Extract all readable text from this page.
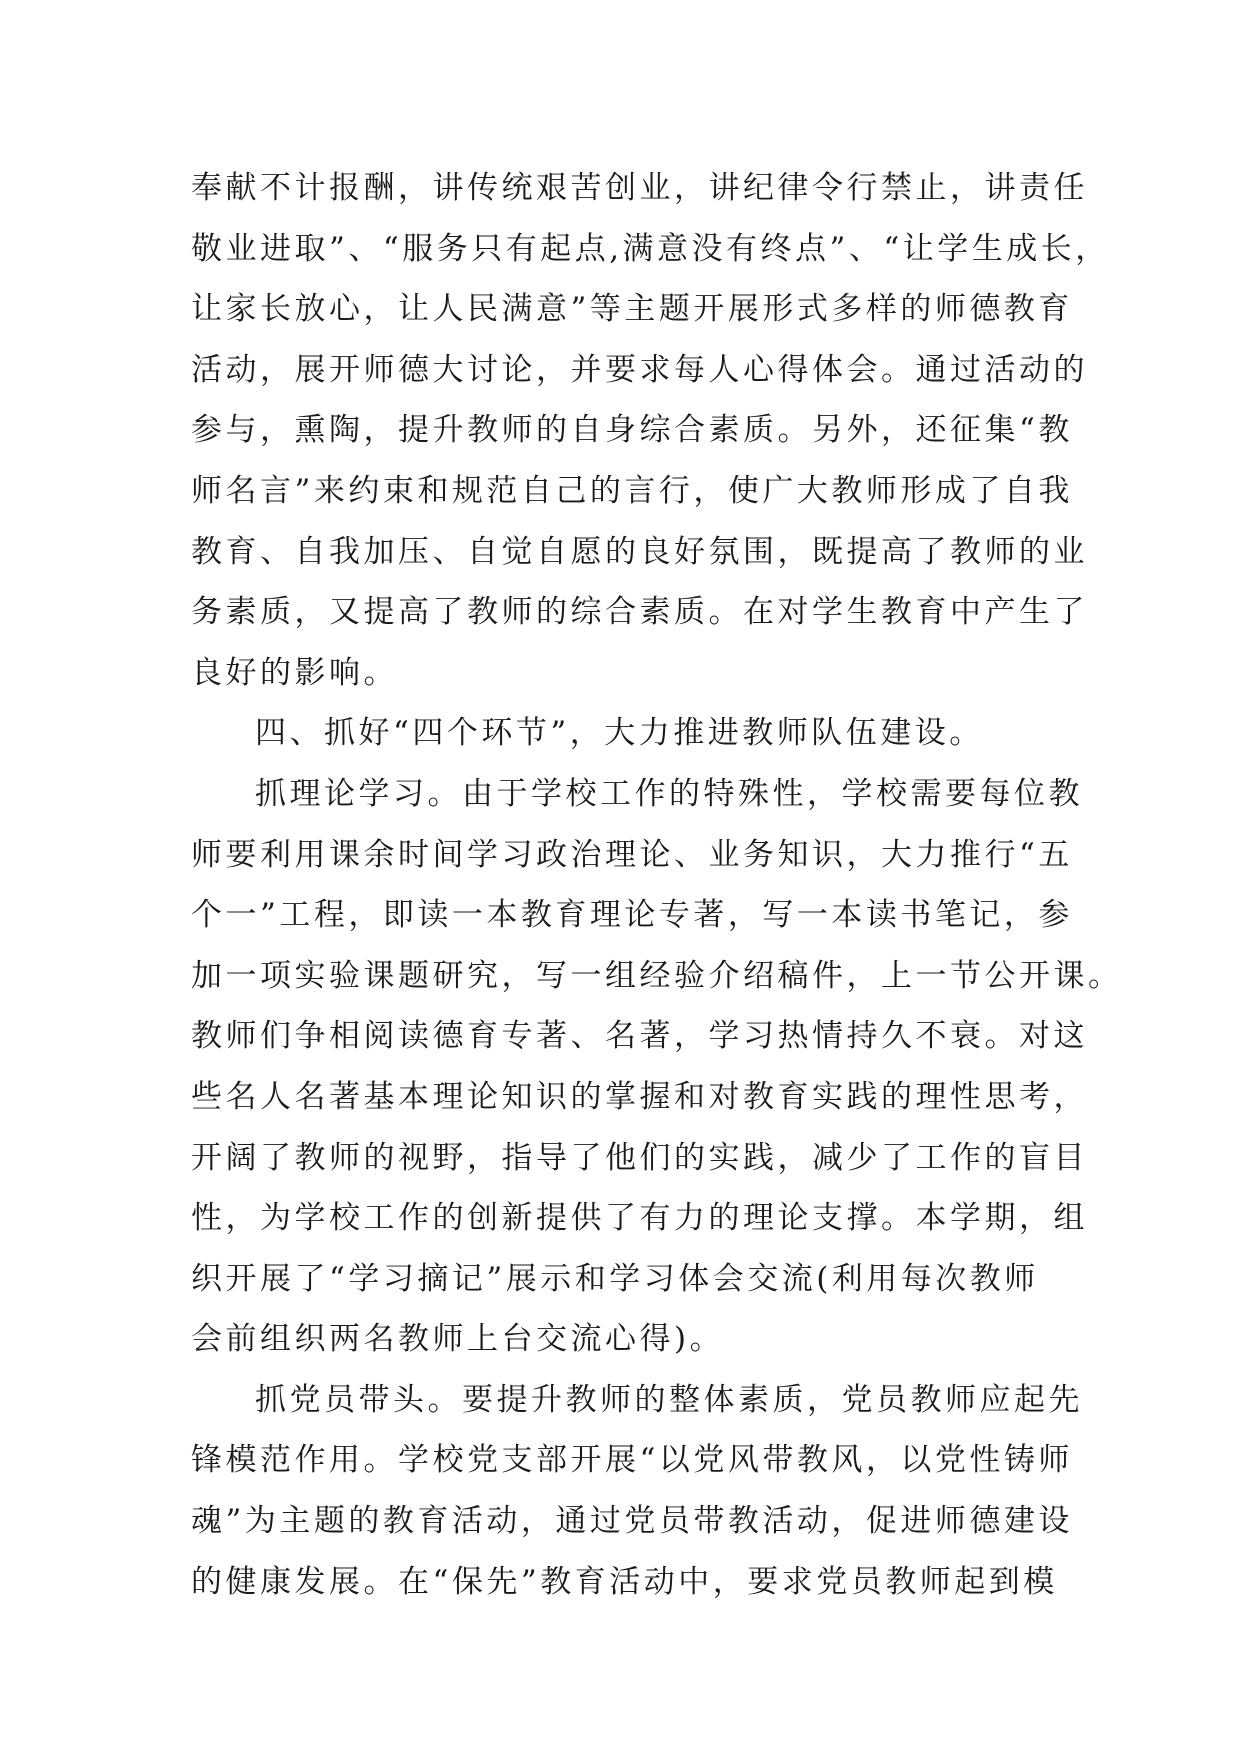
奉献不计报酬，讲传统艰苦创业，讲纪律令行禁止，讲责任
敬业进取”、“服务只有起点,满意没有终点”、“让学生成长，
让家长放心，让人民满意”等主题开展形式多样的师德教育
活动，展开师德大讨论，并要求每人心得体会。通过活动的
参与，熏陶，提升教师的自身综合素质。另外，还征集“教
师名言”来约束和规范自己的言行，使广大教师形成了自我
教育、自我加压、自觉自愿的良好氛围，既提高了教师的业
务素质，又提高了教师的综合素质。在对学生教育中产生了
良好的影响。
四、抓好“四个环节”，大力推进教师队伍建设。
抓理论学习。由于学校工作的特殊性，学校需要每位教
师要利用课余时间学习政治理论、业务知识，大力推行“五
个一”工程，即读一本教育理论专著，写一本读书笔记，参
加一项实验课题研究，写一组经验介绍稿件，上一节公开课。
教师们争相阅读德育专著、名著，学习热情持久不衰。对这
些名人名著基本理论知识的掌握和对教育实践的理性思考，
开阔了教师的视野，指导了他们的实践，减少了工作的盲目
性，为学校工作的创新提供了有力的理论支撑。本学期，组
织开展了“学习摘记”展示和学习体会交流(利用每次教师
会前组织两名教师上台交流心得)。
抓党员带头。要提升教师的整体素质，党员教师应起先
锋模范作用。学校党支部开展“以党风带教风，以党性铸师
魂”为主题的教育活动，通过党员带教活动，促进师德建设
的健康发展。在“保先”教育活动中，要求党员教师起到模
